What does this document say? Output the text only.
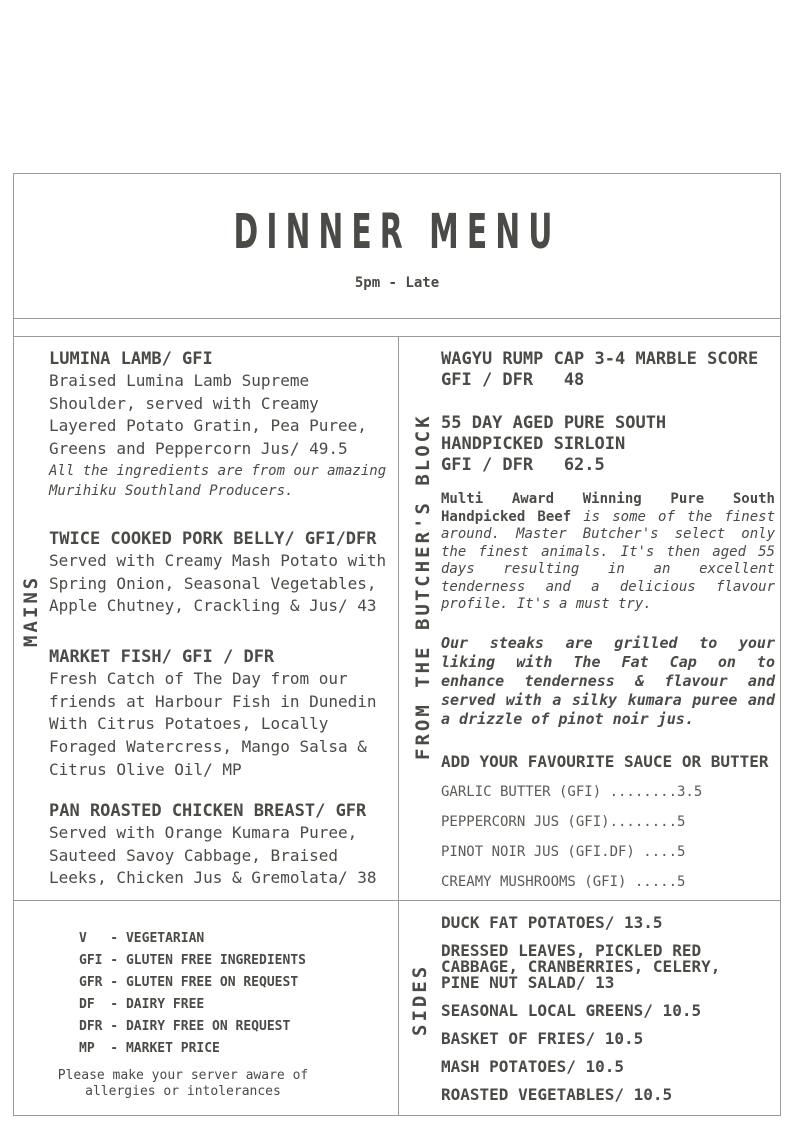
DINNER MENU
5pm - Late
MAINS	FROM THE BUTCHER'S BLOCK
SIDES

LUMINA LAMB/ GFI

Braised Lumina Lamb Supreme Shoulder, served with Creamy Layered Potato Gratin, Pea Puree, Greens and Peppercorn Jus/ 49.5

All the ingredients are from our amazing Murihiku Southland Producers.

TWICE COOKED PORK BELLY/ GFI/DFR

Served with Creamy Mash Potato with Spring Onion, Seasonal Vegetables, Apple Chutney, Crackling & Jus/ 43

MARKET FISH/ GFI / DFR

Fresh Catch of The Day from our friends at Harbour Fish in Dunedin With Citrus Potatoes, Locally Foraged Watercress, Mango Salsa & Citrus Olive Oil/ MP

PAN ROASTED CHICKEN BREAST/ GFR

Served with Orange Kumara Puree, Sauteed Savoy Cabbage, Braised Leeks, Chicken Jus & Gremolata/ 38

WAGYU RUMP CAP 3-4 MARBLE SCORE

GFI / DFR   48

55 DAY AGED PURE SOUTH

HANDPICKED SIRLOIN

GFI / DFR   62.5

Multi Award Winning Pure South Handpicked Beef is some of the finest around. Master Butcher's select only the finest animals. It's then aged 55 days resulting in an excellent tenderness and a delicious flavour profile. It's a must try.

Our steaks are grilled to your liking with The Fat Cap on to enhance tenderness & flavour and served with a silky kumara puree and a drizzle of pinot noir jus.

ADD YOUR FAVOURITE SAUCE OR BUTTER

GARLIC BUTTER (GFI) ........3.5

PEPPERCORN JUS (GFI)........5

PINOT NOIR JUS (GFI.DF) ....5

CREAMY MUSHROOMS (GFI) .....5

V   - VEGETARIAN
GFI - GLUTEN FREE INGREDIENTS
GFR - GLUTEN FREE ON REQUEST
DF  - DAIRY FREE
DFR - DAIRY FREE ON REQUEST
MP  - MARKET PRICE
Please make your server aware of allergies or intolerances

DUCK FAT POTATOES/ 13.5

DRESSED LEAVES, PICKLED RED CABBAGE, CRANBERRIES, CELERY, PINE NUT SALAD/ 13

SEASONAL LOCAL GREENS/ 10.5

BASKET OF FRIES/ 10.5

MASH POTATOES/ 10.5

ROASTED VEGETABLES/ 10.5
